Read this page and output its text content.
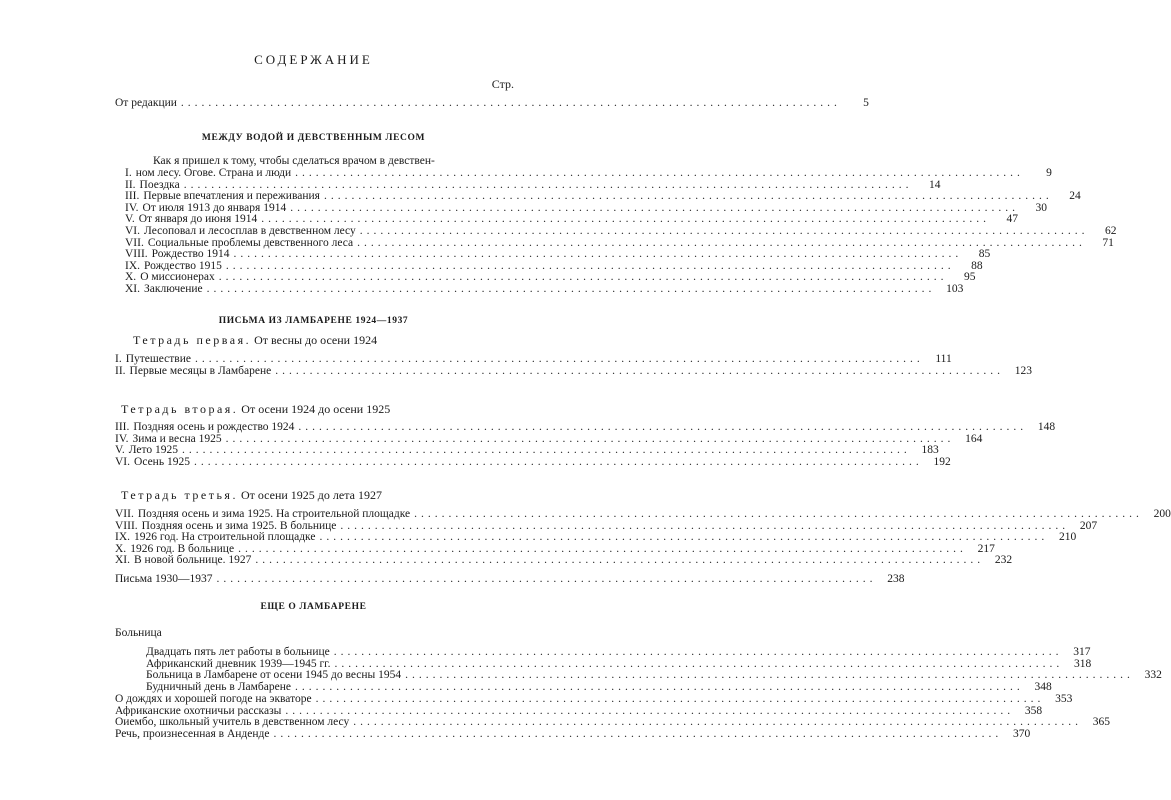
СОДЕРЖАНИЕ
Стр.
От редакции ................................................................................................	5
МЕЖДУ ВОДОЙ И ДЕВСТВЕННЫМ ЛЕСОМ
Как я пришел к тому, чтобы сделаться врачом в девствен-
I. ном лесу. Огове. Страна и люди ..........................................................................................................	9
II. Поездка ..........................................................................................................	14
III. Первые впечатления и переживания ..........................................................................................................	24
IV. От июля 1913 до января 1914 ..........................................................................................................	30
V. От января до июня 1914 ..........................................................................................................	47
VI. Лесоповал и лесосплав в девственном лесу ..........................................................................................................	62
VII. Социальные проблемы девственного леса ..........................................................................................................	71
VIII. Рождество 1914 ..........................................................................................................	85
IX. Рождество 1915 ..........................................................................................................	88
X. О миссионерах ..........................................................................................................	95
XI. Заключение .......................................................................................................... 103
ПИСЬМА ИЗ ЛАМБАРЕНЕ 1924—1937
Тетрадь первая. От весны до осени 1924
I. Путешествие ..........................................................................................................	111
II. Первые месяцы в Ламбарене .......................................................................................................... 123
Тетрадь вторая. От осени 1924 до осени 1925
III. Поздняя осень и рождество 1924 .......................................................................................................... 148
IV. Зима и весна 1925 .......................................................................................................... 164
V. Лето 1925 .......................................................................................................... 183
VI. Осень 1925 .......................................................................................................... 192
Тетрадь третья. От осени 1925 до лета 1927
VII. Поздняя осень и зима 1925. На строительной площадке .......................................................................................................... 200
VIII. Поздняя осень и зима 1925. В больнице .......................................................................................................... 207
IX. 1926 год. На строительной площадке .......................................................................................................... 210
X. 1926 год. В больнице .......................................................................................................... 217
XI. В новой больнице. 1927 .......................................................................................................... 232
Письма 1930—1937 ................................................................................................ 238
ЕЩЕ О ЛАМБАРЕНЕ
Больница
Двадцать пять лет работы в больнице .......................................................................................................... 317
Африканский дневник 1939—1945 гг. .......................................................................................................... 318
Больница в Ламбарене от осени 1945 до весны 1954 .......................................................................................................... 332
Будничный день в Ламбарене .......................................................................................................... 348
О дождях и хорошей погоде на экваторе .......................................................................................................... 353
Африканские охотничьи рассказы .......................................................................................................... 358
Оиембо, школьный учитель в девственном лесу .......................................................................................................... 365
Речь, произнесенная в Анденде .......................................................................................................... 370
